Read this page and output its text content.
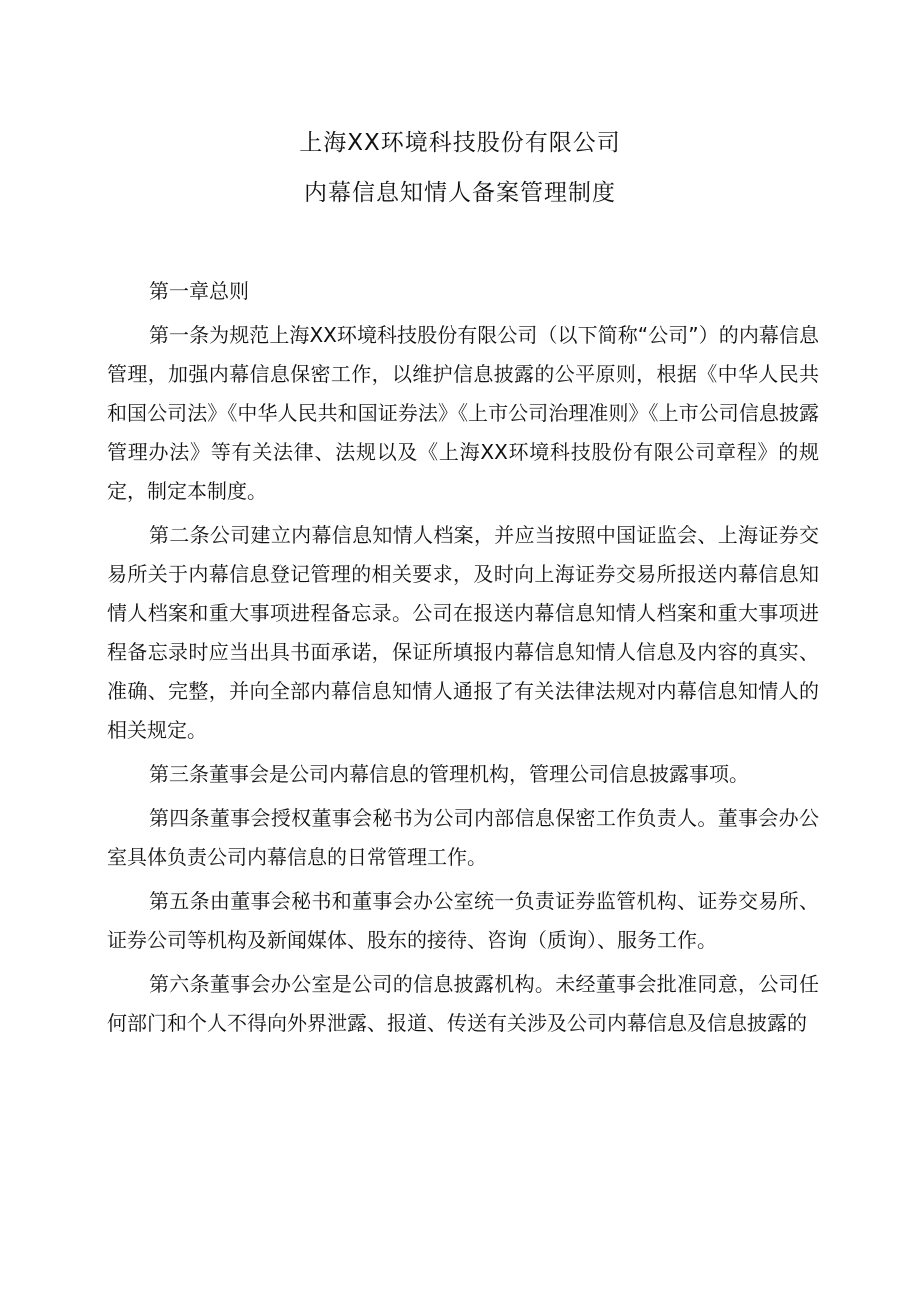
上海XX环境科技股份有限公司
内幕信息知情人备案管理制度

第一章总则

第一条为规范上海XX环境科技股份有限公司（以下简称“公司”）的内幕信息管理，加强内幕信息保密工作，以维护信息披露的公平原则，根据《中华人民共和国公司法》《中华人民共和国证券法》《上市公司治理准则》《上市公司信息披露管理办法》等有关法律、法规以及《上海XX环境科技股份有限公司章程》的规定，制定本制度。

第二条公司建立内幕信息知情人档案，并应当按照中国证监会、上海证券交易所关于内幕信息登记管理的相关要求，及时向上海证券交易所报送内幕信息知情人档案和重大事项进程备忘录。公司在报送内幕信息知情人档案和重大事项进程备忘录时应当出具书面承诺，保证所填报内幕信息知情人信息及内容的真实、准确、完整，并向全部内幕信息知情人通报了有关法律法规对内幕信息知情人的相关规定。

第三条董事会是公司内幕信息的管理机构，管理公司信息披露事项。

第四条董事会授权董事会秘书为公司内部信息保密工作负责人。董事会办公室具体负责公司内幕信息的日常管理工作。

第五条由董事会秘书和董事会办公室统一负责证券监管机构、证券交易所、证券公司等机构及新闻媒体、股东的接待、咨询（质询）、服务工作。

第六条董事会办公室是公司的信息披露机构。未经董事会批准同意，公司任何部门和个人不得向外界泄露、报道、传送有关涉及公司内幕信息及信息披露的
